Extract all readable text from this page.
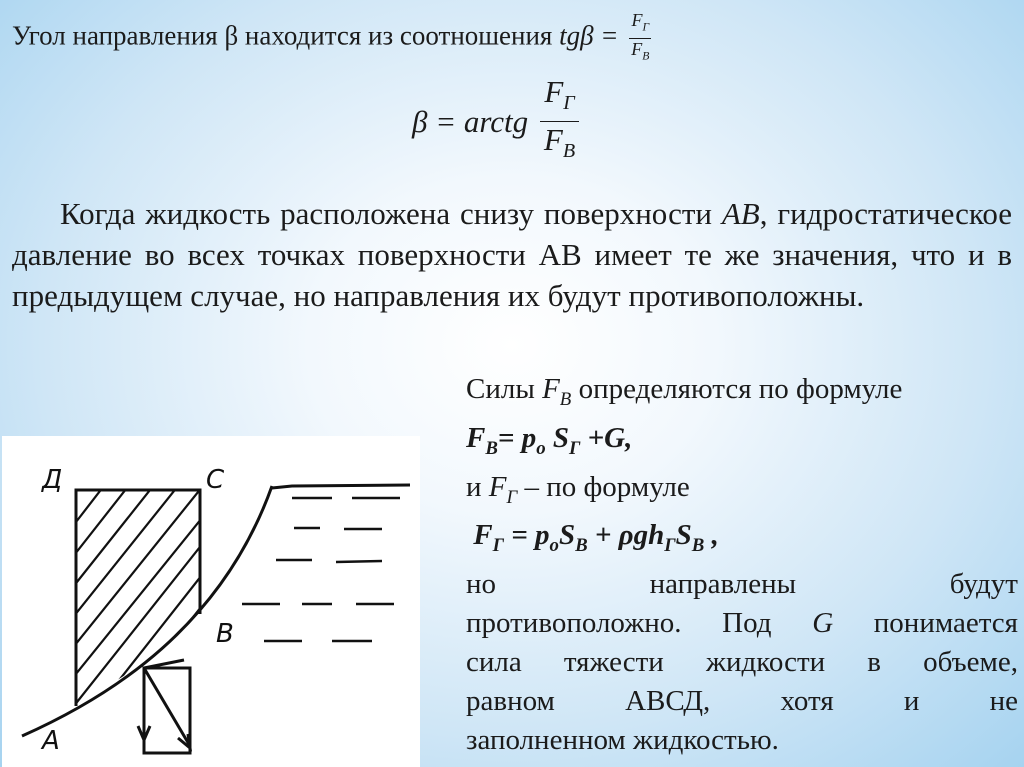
Угол направления β находится из соотношения $tg\beta = \frac{F_Г}{F_В}$
β = arctg $\frac{F_Г}{F_B}$

Когда жидкость расположена снизу поверхности АВ, гидростатическое давление во всех точках поверхности АВ имеет те же значения, что и в предыдущем случае, но направления их будут противоположны.

Силы $F_B$ определяются по формуле
$F_B= p_o$ $S_Г +G$,
и $F_Г$ – по формуле
$F_Г = p_oS_B + \rho gh_ГS_B$ ,
но направлены будут
противоположно. Под G понимается
сила тяжести жидкости в объеме,
равном АВСД, хотя и не
заполненном жидкостью.
Д	C
B
A
